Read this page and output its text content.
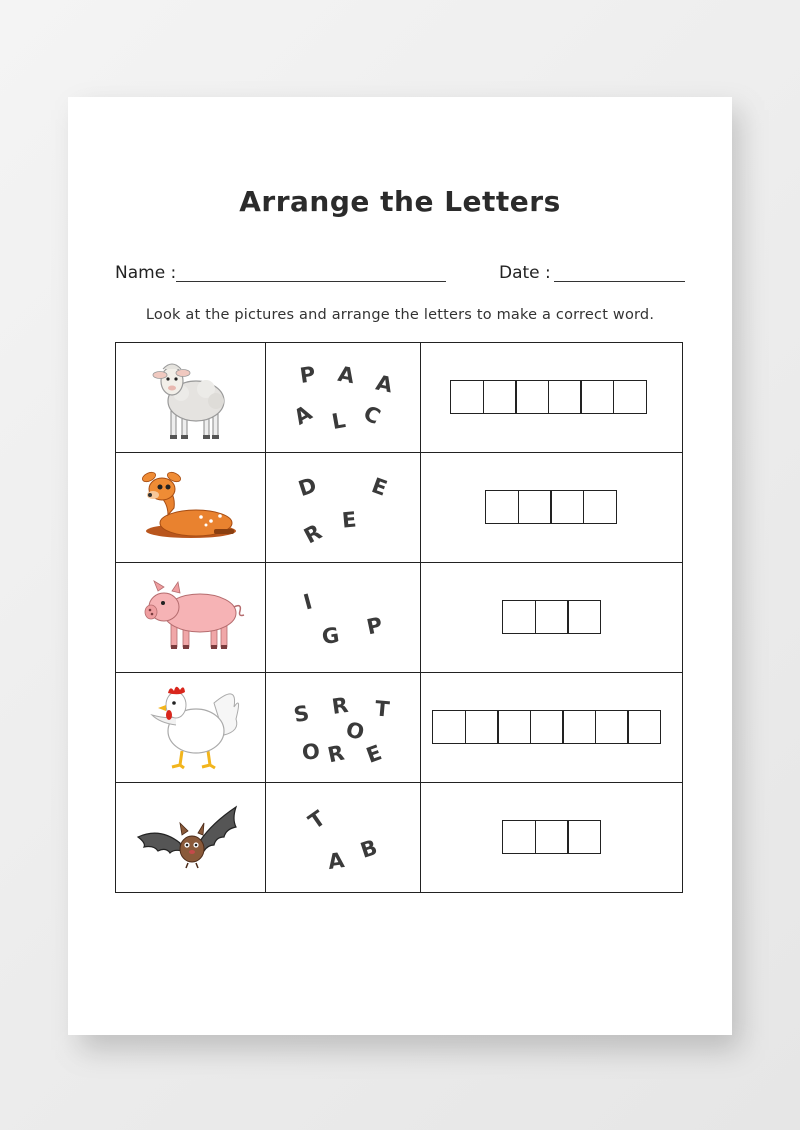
Arrange the Letters
Name :	Date :
Look at the pictures and arrange the letters to make a correct word.
P A A
A L C
D E
E
R
I
G P
S R T
O
O R E
T
A B
